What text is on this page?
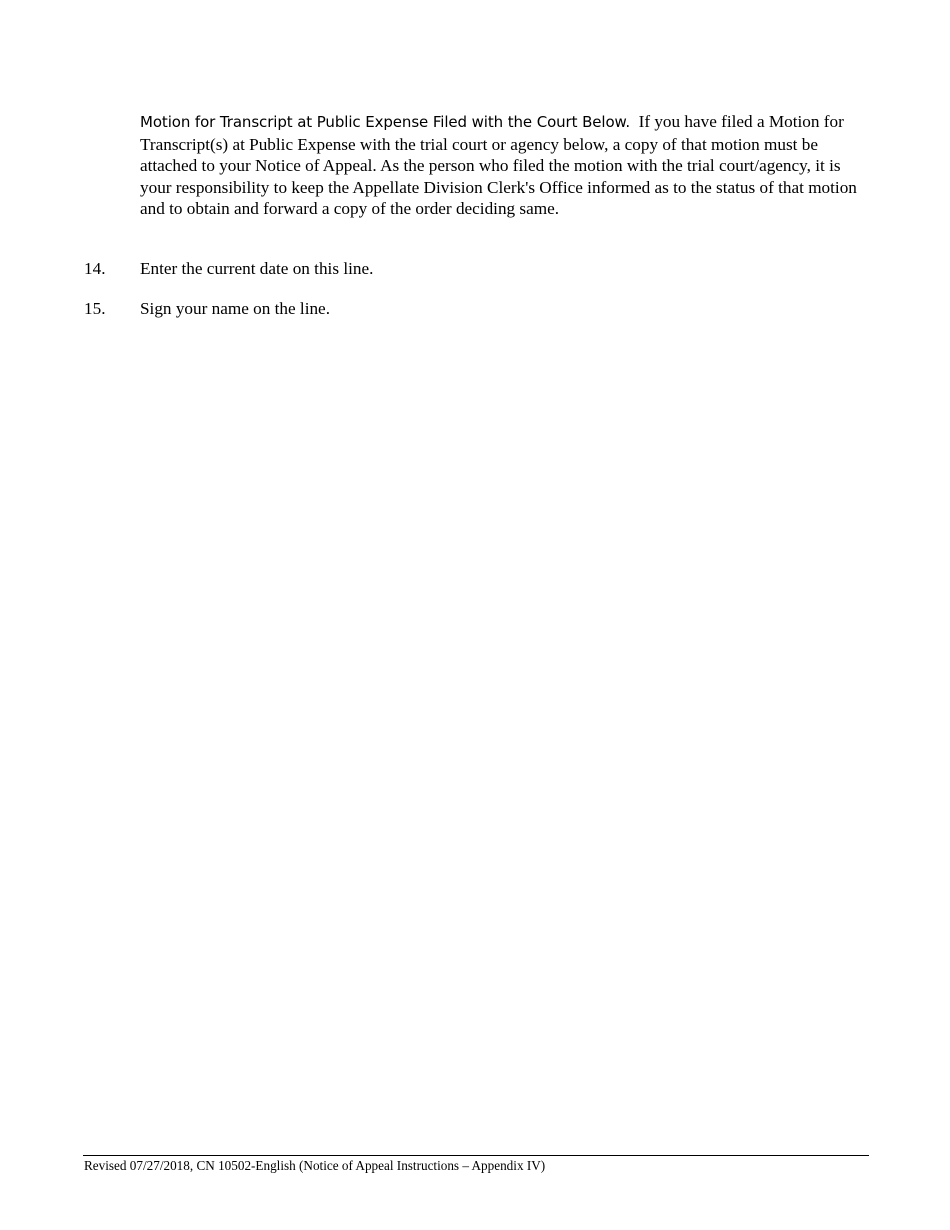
Motion for Transcript at Public Expense Filed with the Court Below. If you have filed a Motion for Transcript(s) at Public Expense with the trial court or agency below, a copy of that motion must be attached to your Notice of Appeal. As the person who filed the motion with the trial court/agency, it is your responsibility to keep the Appellate Division Clerk's Office informed as to the status of that motion and to obtain and forward a copy of the order deciding same.
14. Enter the current date on this line.
15. Sign your name on the line.
Revised 07/27/2018, CN 10502-English (Notice of Appeal Instructions – Appendix IV)
